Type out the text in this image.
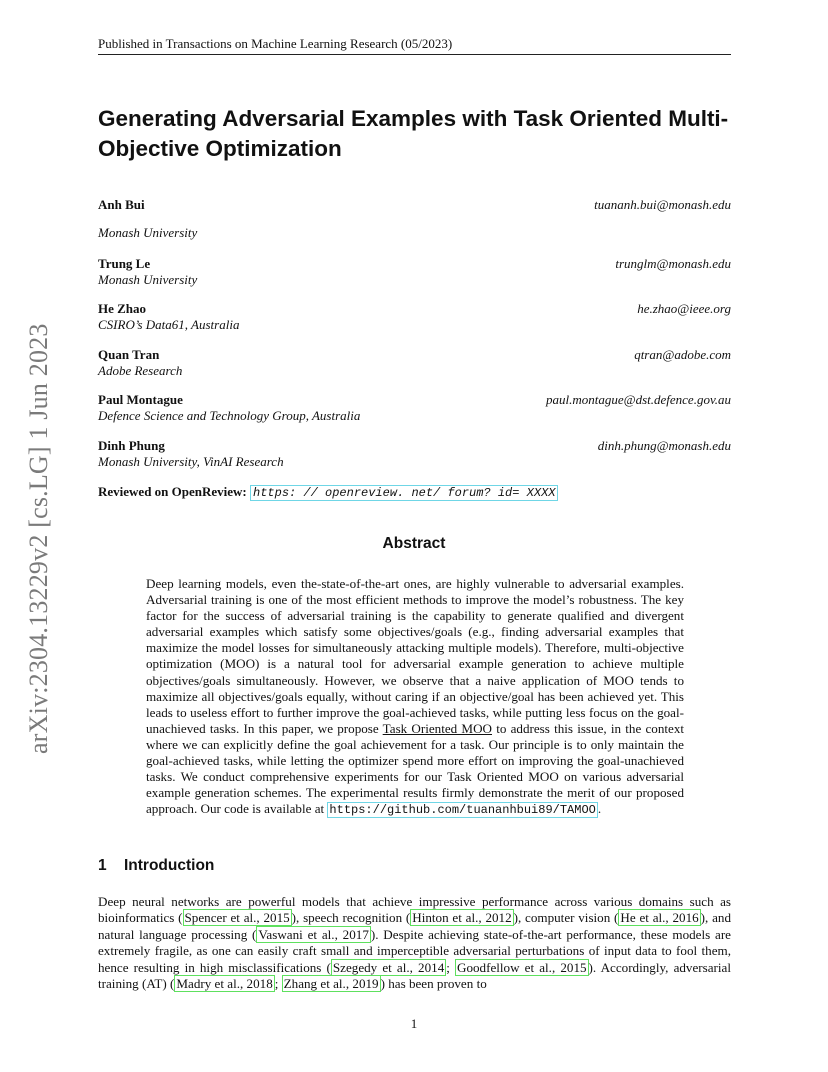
Published in Transactions on Machine Learning Research (05/2023)
arXiv:2304.13229v2 [cs.LG] 1 Jun 2023
Generating Adversarial Examples with Task Oriented Multi-Objective Optimization
Anh Bui	tuananh.bui@monash.edu
Monash University
Trung Le	trunglm@monash.edu
Monash University
He Zhao	he.zhao@ieee.org
CSIRO’s Data61, Australia
Quan Tran	qtran@adobe.com
Adobe Research
Paul Montague	paul.montague@dst.defence.gov.au
Defence Science and Technology Group, Australia
Dinh Phung	dinh.phung@monash.edu
Monash University, VinAI Research
Reviewed on OpenReview: https: // openreview. net/ forum? id= XXXX
Abstract
Deep learning models, even the-state-of-the-art ones, are highly vulnerable to adversarial examples. Adversarial training is one of the most efficient methods to improve the model’s robustness. The key factor for the success of adversarial training is the capability to generate qualified and divergent adversarial examples which satisfy some objectives/goals (e.g., finding adversarial examples that maximize the model losses for simultaneously attacking multiple models). Therefore, multi-objective optimization (MOO) is a natural tool for adversarial example generation to achieve multiple objectives/goals simultaneously. However, we observe that a naive application of MOO tends to maximize all objectives/goals equally, without caring if an objective/goal has been achieved yet. This leads to useless effort to further improve the goal-achieved tasks, while putting less focus on the goal-unachieved tasks. In this paper, we propose Task Oriented MOO to address this issue, in the context where we can explicitly define the goal achievement for a task. Our principle is to only maintain the goal-achieved tasks, while letting the optimizer spend more effort on improving the goal-unachieved tasks. We conduct comprehensive experiments for our Task Oriented MOO on various adversarial example generation schemes. The experimental results firmly demonstrate the merit of our proposed approach. Our code is available at https://github.com/tuananhbui89/TAMOO .
1 Introduction
Deep neural networks are powerful models that achieve impressive performance across various domains such as bioinformatics ( Spencer et al., 2015 ), speech recognition ( Hinton et al., 2012 ), computer vision ( He et al., 2016 ), and natural language processing ( Vaswani et al., 2017 ). Despite achieving state-of-the-art performance, these models are extremely fragile, as one can easily craft small and imperceptible adversarial perturbations of input data to fool them, hence resulting in high misclassifications ( Szegedy et al., 2014 ; Goodfellow et al., 2015 ). Accordingly, adversarial training (AT) ( Madry et al., 2018 ; Zhang et al., 2019 ) has been proven to
1
